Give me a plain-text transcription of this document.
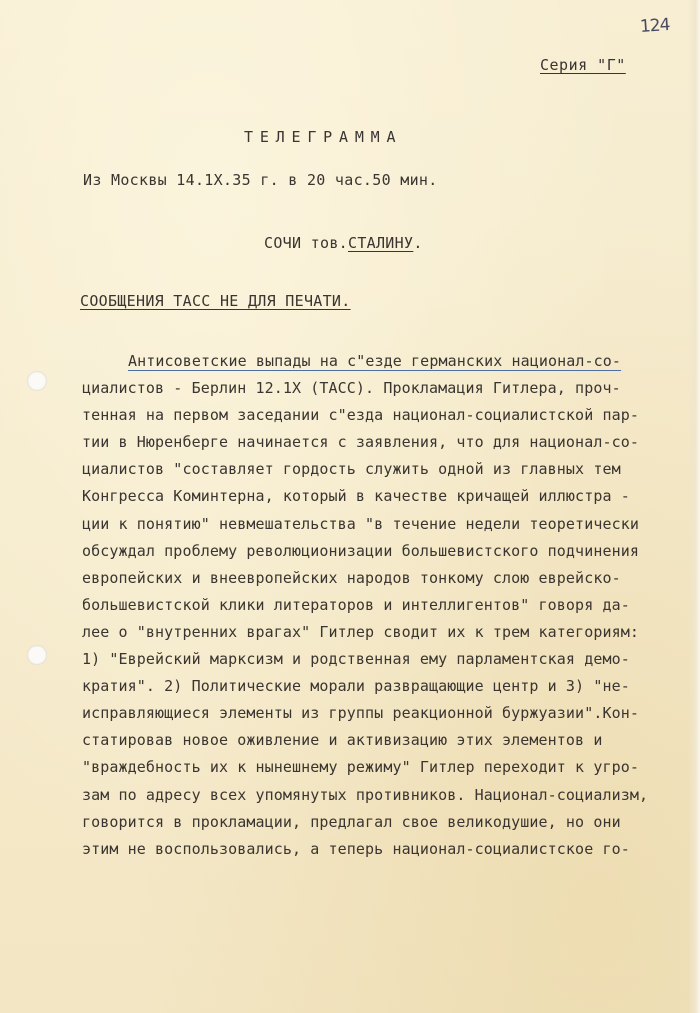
124
Серия "Г"
ТЕЛЕГРАММА
Из Москвы 14.1Х.35 г. в 20 час.50 мин.
СОЧИ тов.СТАЛИНУ.
СООБЩЕНИЯ ТАСС НЕ ДЛЯ ПЕЧАТИ.
Антисоветские выпады на с"езде германских национал-со-
циалистов - Берлин 12.1Х (ТАСС). Прокламация Гитлера, проч-
тенная на первом заседании с"езда национал-социалистской пар-
тии в Нюренберге начинается с заявления, что для национал-со-
циалистов "составляет гордость служить одной из главных тем
Конгресса Коминтерна, который в качестве кричащей иллюстра -
ции к понятию" невмешательства "в течение недели теоретически
обсуждал проблему революционизации большевистского подчинения
европейских и внеевропейских народов тонкому слою еврейско-
большевистской клики литераторов и интеллигентов" говоря да-
лее о "внутренних врагах" Гитлер сводит их к трем категориям:
1) "Еврейский марксизм и родственная ему парламентская демо-
кратия". 2) Политические морали развращающие центр и 3) "не-
исправляющиеся элементы из группы реакционной буржуазии".Кон-
статировав новое оживление и активизацию этих элементов и
"враждебность их к нынешнему режиму" Гитлер переходит к угро-
зам по адресу всех упомянутых противников. Национал-социализм,
говорится в прокламации, предлагал свое великодушие, но они
этим не воспользовались, а теперь национал-социалистское го-
